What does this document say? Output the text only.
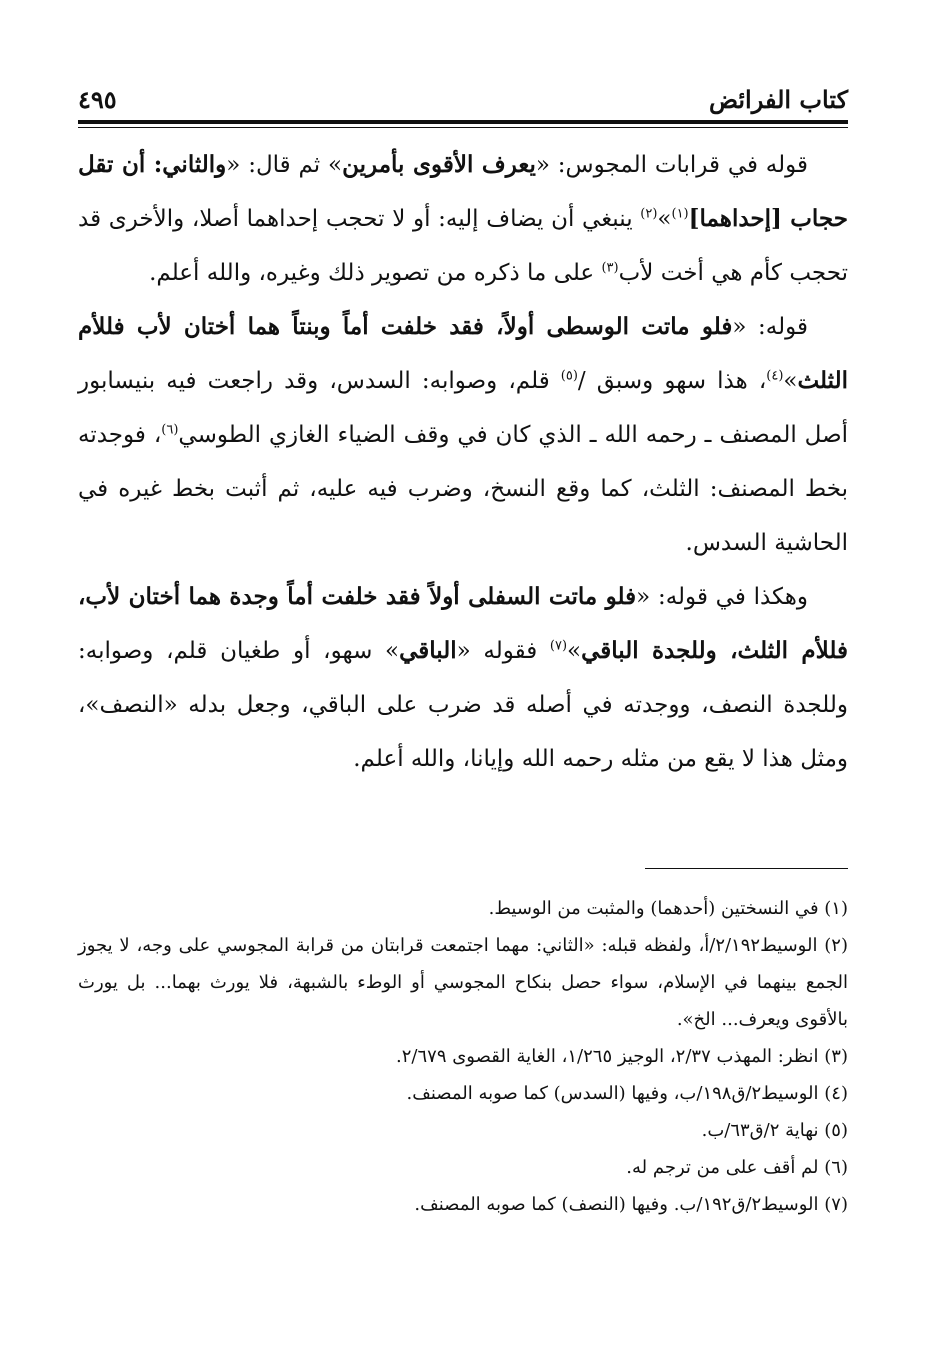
٤٩٥	كتاب الفرائض

قوله في قرابات المجوس: «يعرف الأقوى بأمرين» ثم قال: «والثاني: أن تقل حجاب [إحداهما]$^{(١)}$»$^{(٢)}$ ينبغي أن يضاف إليه: أو لا تحجب إحداهما أصلا، والأخرى قد تحجب كأم هي أخت لأب$^{(٣)}$ على ما ذكره من تصوير ذلك وغيره، والله أعلم.

قوله: «فلو ماتت الوسطى أولاً، فقد خلفت أماً وبنتاً هما أختان لأب فللأم الثلث»$^{(٤)}$، هذا سهو وسبق /$^{(٥)}$ قلم، وصوابه: السدس، وقد راجعت فيه بنيسابور أصل المصنف ـ رحمه الله ـ الذي كان في وقف الضياء الغازي الطوسي$^{(٦)}$، فوجدته بخط المصنف: الثلث، كما وقع النسخ، وضرب فيه عليه، ثم أثبت بخط غيره في الحاشية السدس.

وهكذا في قوله: «فلو ماتت السفلى أولاً فقد خلفت أماً وجدة هما أختان لأب، فللأم الثلث، وللجدة الباقي»$^{(٧)}$ فقوله «الباقي» سهو، أو طغيان قلم، وصوابه: وللجدة النصف، ووجدته في أصله قد ضرب على الباقي، وجعل بدله «النصف»، ومثل هذا لا يقع من مثله رحمه الله وإيانا، والله أعلم.

(١) في النسختين (أحدهما) والمثبت من الوسيط.

(٢) الوسيط٢/١٩٢/أ، ولفظه قبله: «الثاني: مهما اجتمعت قرابتان من قرابة المجوسي على وجه، لا يجوز الجمع بينهما في الإسلام، سواء حصل بنكاح المجوسي أو الوطء بالشبهة، فلا يورث بهما... بل يورث بالأقوى ويعرف... الخ».

(٣) انظر: المهذب ٢/٣٧، الوجيز ١/٢٦٥، الغاية القصوى ٢/٦٧٩.

(٤) الوسيط٢/ق١٩٨/ب، وفيها (السدس) كما صوبه المصنف.

(٥) نهاية ٢/ق٦٣/ب.

(٦) لم أقف على من ترجم له.

(٧) الوسيط٢/ق١٩٢/ب. وفيها (النصف) كما صوبه المصنف.
